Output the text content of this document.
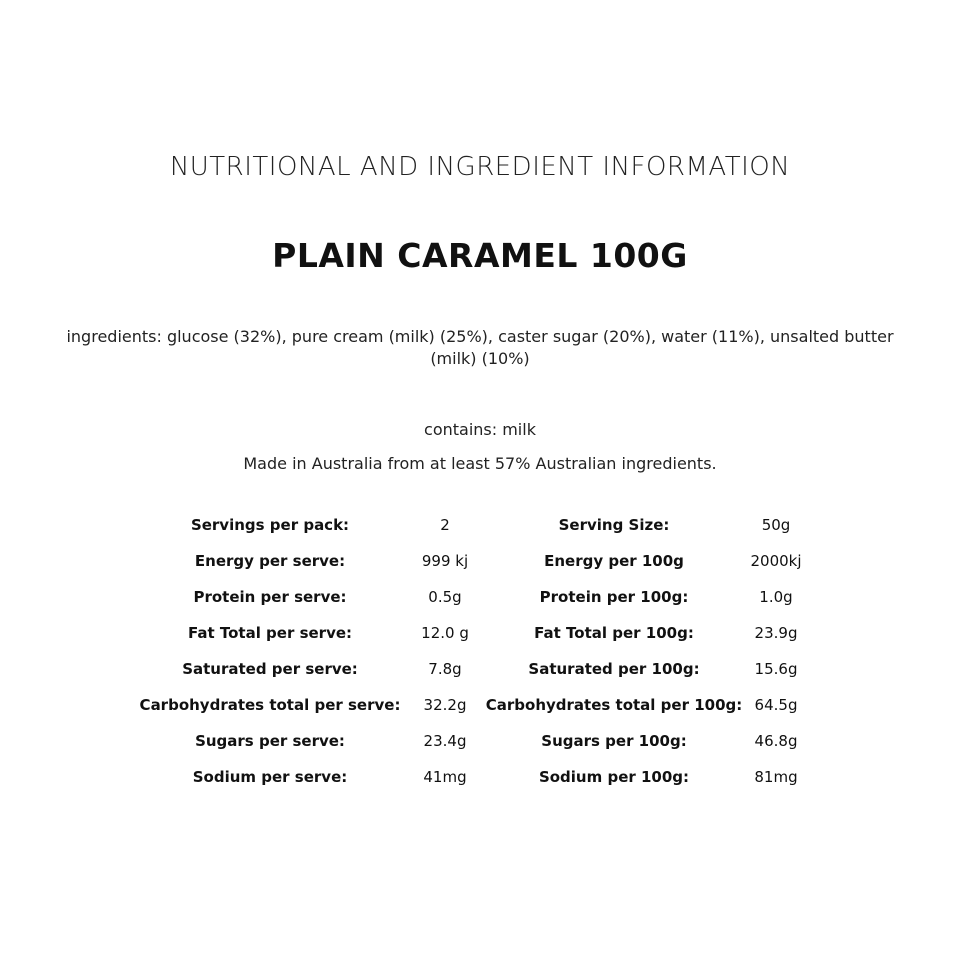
NUTRITIONAL AND INGREDIENT INFORMATION
PLAIN CARAMEL 100G
ingredients: glucose (32%), pure cream (milk) (25%), caster sugar (20%), water (11%), unsalted butter (milk) (10%)
contains: milk
Made in Australia from at least 57% Australian ingredients.
Servings per pack:	2	Serving Size:	50g
Energy per serve:	999 kj	Energy per 100g	2000kj
Protein per serve:	0.5g	Protein per 100g:	1.0g
Fat Total per serve:	12.0 g	Fat Total per 100g:	23.9g
Saturated per serve:	7.8g	Saturated per 100g:	15.6g
Carbohydrates total per serve: 32.2g Carbohydrates total per 100g: 64.5g
Sugars per serve:	23.4g	Sugars per 100g:	46.8g
Sodium per serve:	41mg	Sodium per 100g:	81mg
